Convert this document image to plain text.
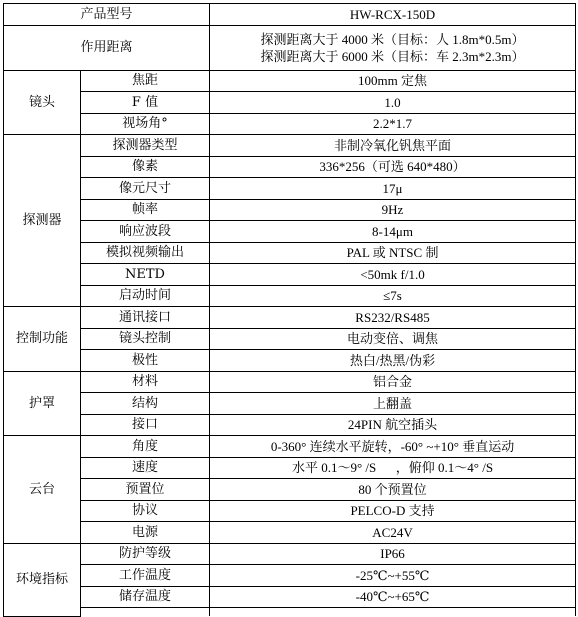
产品型号		HW-RCX-150D
作用距离		探测距离大于 4000 米（目标：人 1.8m*0.5m）
探测距离大于 6000 米（目标：车 2.3m*2.3m）

镜头	焦距	100mm 定焦
	F 值	1.0
	视场角°	2.2*1.7
探测器	探测器类型	非制冷氧化钒焦平面
	像素	336*256（可选 640*480）
	像元尺寸	17μ
	帧率	9Hz
	响应波段	8-14μm
	模拟视频输出	PAL 或 NTSC 制
	NETD	<50mk f/1.0
	启动时间	≤7s
控制功能	通讯接口	RS232/RS485
	镜头控制	电动变倍、调焦
	极性	热白/热黑/伪彩
护罩	材料	铝合金
	结构	上翻盖
	接口	24PIN 航空插头
云台	角度	0-360° 连续水平旋转，-60° ~+10° 垂直运动
	速度	水平 0.1～9° /S      ，俯仰 0.1～4° /S
	预置位	80 个预置位
	协议	PELCO-D 支持
	电源	AC24V
环境指标	防护等级	IP66
	工作温度	-25℃~+55℃
	储存温度	-40℃~+65℃
